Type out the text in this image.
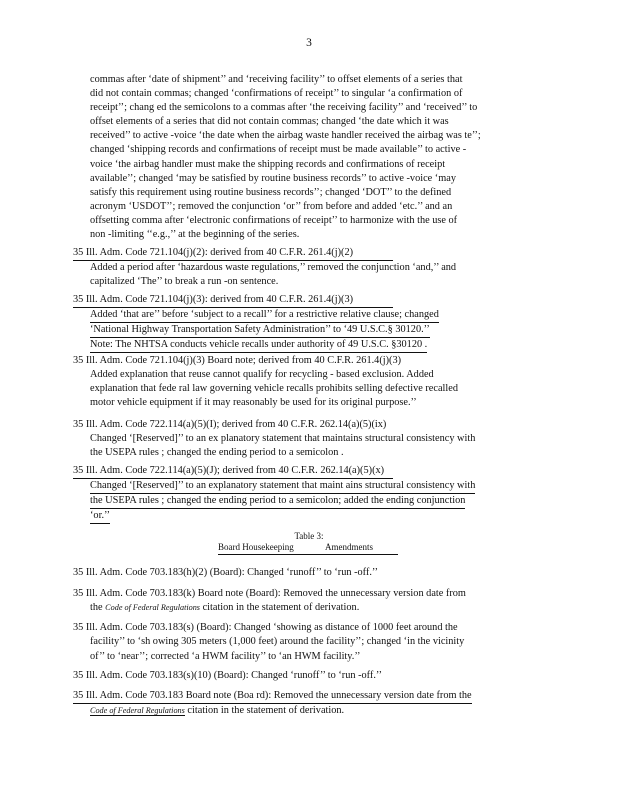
3
commas after ‘date of shipment’’ and ‘receiving facility’’ to offset elements of a series that
did not contain commas; changed ‘confirmations of receipt’’ to singular ‘a confirmation of
receipt’’; chang ed the semicolons to a commas after ‘the receiving facility’’ and ‘received’’ to
offset elements of a series that did not contain commas; changed ‘the date which it was
received’’ to active -voice ‘the date when the airbag waste handler received the airbag was te’’;
changed ‘shipping records and confirmations of receipt must be made available’’ to active -
voice ‘the airbag handler must make the shipping records and confirmations of receipt
available’’; changed ‘may be satisfied by routine business records’’ to active -voice ‘may
satisfy this requirement using routine business records’’; changed ‘DOT’’ to the defined
acronym ‘USDOT’’; removed the conjunction ‘or’’ from before and added ‘etc.’’ and an
offsetting comma after ‘electronic confirmations of receipt’’ to harmonize with the use of
non -limiting ‘‘e.g.,’’ at the beginning of the series.
35 Ill. Adm. Code 721.104(j)(2): derived from 40 C.F.R. 261.4(j)(2)
Added a period after ‘hazardous waste regulations,’’ removed the conjunction ‘and,’’ and
capitalized ‘The’’ to break a run -on sentence.
35 Ill. Adm. Code 721.104(j)(3): derived from 40 C.F.R. 261.4(j)(3)
Added ‘that are’’ before ‘subject to a recall’’ for a restrictive relative clause; changed
‘National Highway Transportation Safety Administration’’ to ‘49 U.S.C.§ 30120.’’
Note: The NHTSA conducts vehicle recalls under authority of 49 U.S.C. §30120 .
35 Ill. Adm. Code 721.104(j)(3) Board note; derived from 40 C.F.R. 261.4(j)(3)
Added explanation that reuse cannot qualify for recycling - based exclusion. Added
explanation that fede ral law governing vehicle recalls prohibits selling defective recalled
motor vehicle equipment if it may reasonably be used for its original purpose.’’
35 Ill. Adm. Code 722.114(a)(5)(I); derived from 40 C.F.R. 262.14(a)(5)(ix)
Changed ‘[Reserved]’’ to an ex planatory statement that maintains structural consistency with
the USEPA rules ; changed the ending period to a semicolon .
35 Ill. Adm. Code 722.114(a)(5)(J); derived from 40 C.F.R. 262.14(a)(5)(x)
Changed ‘[Reserved]’’ to an explanatory statement that maint ains structural consistency with
the USEPA rules ; changed the ending period to a semicolon; added the ending conjunction
‘or.’’
Table 3:
Board Housekeeping	Amendments
35 Ill. Adm. Code 703.183(h)(2) (Board): Changed ‘runoff’’ to ‘run -off.’’
35 Ill. Adm. Code 703.183(k) Board note (Board): Removed the unnecessary version date from
the Code of Federal Regulations citation in the statement of derivation.
35 Ill. Adm. Code 703.183(s) (Board): Changed ‘showing as distance of 1000 feet around the
facility’’ to ‘sh owing 305 meters (1,000 feet) around the facility’’; changed ‘in the vicinity
of’’ to ‘near’’; corrected ‘a HWM facility’’ to ‘an HWM facility.’’
35 Ill. Adm. Code 703.183(s)(10) (Board): Changed ‘runoff’’ to ‘run -off.’’
35 Ill. Adm. Code 703.183 Board note (Boa rd): Removed the unnecessary version date from the
Code of Federal Regulations citation in the statement of derivation.
